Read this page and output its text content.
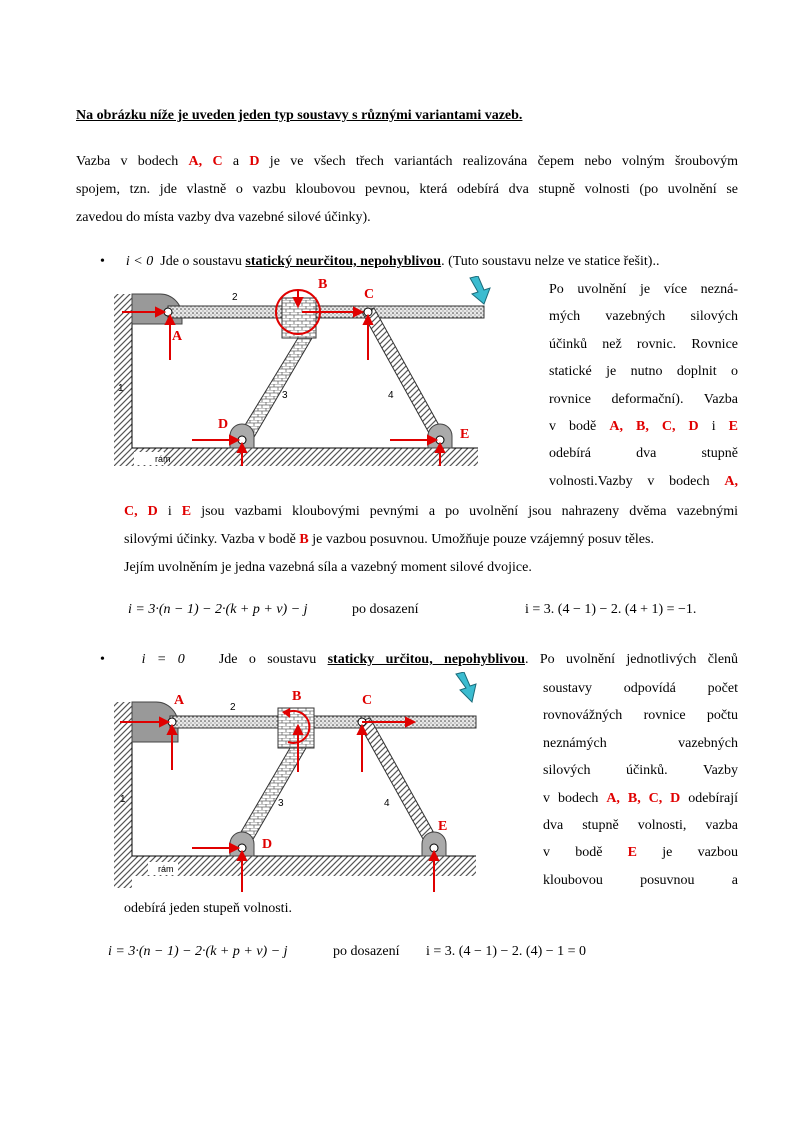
Na obrázku níže je uveden jeden typ soustavy s různými variantami vazeb.
Vazba v bodech A, C a D je ve všech třech variantách realizována čepem nebo volným šroubovým
spojem, tzn. jde vlastně o vazbu kloubovou pevnou, která odebírá dva stupně volnosti (po uvolnění se
zavedou do místa vazby dva vazebné silové účinky).
• i < 0 Jde o soustavu statický neurčitou, nepohyblivou. (Tuto soustavu nelze ve statice řešit)..
rám
1
2
3	4
B
C
A
D
E
Po uvolnění je více nezná-
mých vazebných silových
účinků než rovnic. Rovnice
statické je nutno doplnit o
rovnice deformační). Vazba
v bodě A, B, C, D i E
odebírá dva stupně
volnosti.Vazby v bodech A,
C, D i E jsou vazbami kloubovými pevnými a po uvolnění jsou nahrazeny dvěma vazebnými
silovými účinky. Vazba v bodě B je vazbou posuvnou. Umožňuje pouze vzájemný posuv těles.
Jejím uvolněním je jedna vazebná síla a vazebný moment silové dvojice.
i = 3·(n − 1) − 2·(k + p + v) − j	po dosazení	i = 3. (4 − 1) − 2. (4 + 1) = −1.
•	i = 0 Jde o soustavu staticky určitou, nepohyblivou. Po uvolnění jednotlivých členů
rám
1
2
3	4
A	B	C
D
E
soustavy odpovídá počet
rovnovážných rovnice počtu
neznámých vazebných
silových účinků. Vazby
v bodech A, B, C, D odebírají
dva stupně volnosti, vazba
v bodě E je vazbou
kloubovou posuvnou a
odebírá jeden stupeň volnosti.
i = 3·(n − 1) − 2·(k + p + v) − j	po dosazení i = 3. (4 − 1) − 2. (4) − 1 = 0
